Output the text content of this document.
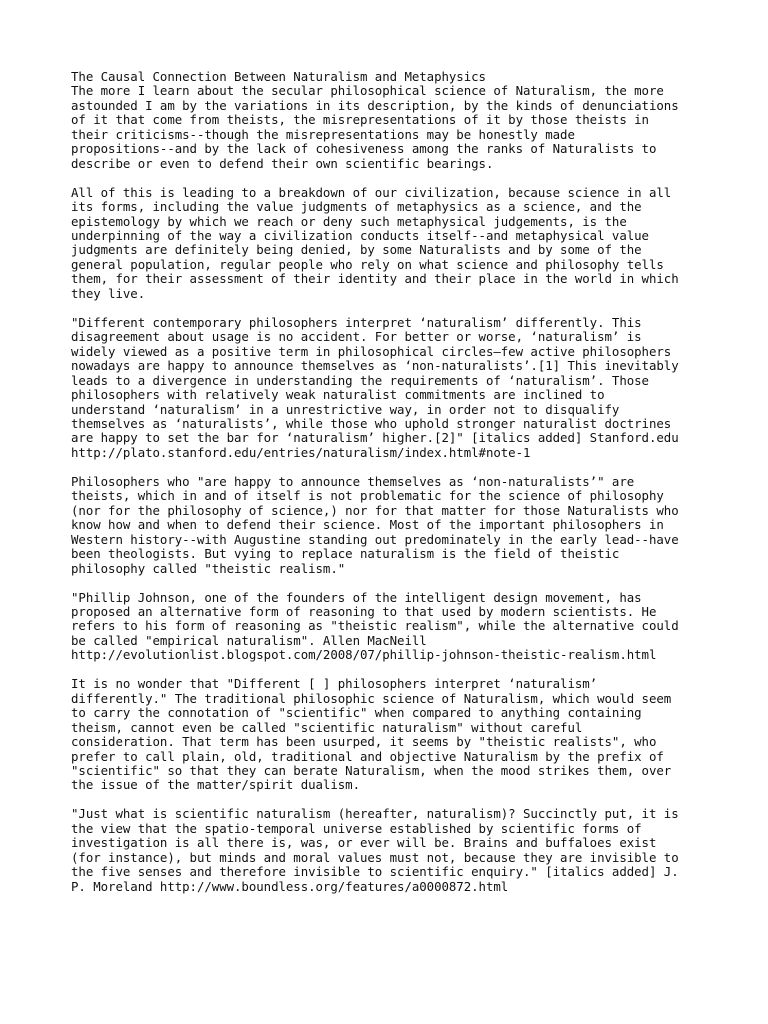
The Causal Connection Between Naturalism and Metaphysics
The more I learn about the secular philosophical science of Naturalism, the more
astounded I am by the variations in its description, by the kinds of denunciations
of it that come from theists, the misrepresentations of it by those theists in
their criticisms--though the misrepresentations may be honestly made
propositions--and by the lack of cohesiveness among the ranks of Naturalists to
describe or even to defend their own scientific bearings.
All of this is leading to a breakdown of our civilization, because science in all
its forms, including the value judgments of metaphysics as a science, and the
epistemology by which we reach or deny such metaphysical judgements, is the
underpinning of the way a civilization conducts itself--and metaphysical value
judgments are definitely being denied, by some Naturalists and by some of the
general population, regular people who rely on what science and philosophy tells
them, for their assessment of their identity and their place in the world in which
they live.
"Different contemporary philosophers interpret ‘naturalism’ differently. This
disagreement about usage is no accident. For better or worse, ‘naturalism’ is
widely viewed as a positive term in philosophical circles—few active philosophers
nowadays are happy to announce themselves as ‘non-naturalists’.[1] This inevitably
leads to a divergence in understanding the requirements of ‘naturalism’. Those
philosophers with relatively weak naturalist commitments are inclined to
understand ‘naturalism’ in a unrestrictive way, in order not to disqualify
themselves as ‘naturalists’, while those who uphold stronger naturalist doctrines
are happy to set the bar for ‘naturalism’ higher.[2]" [italics added] Stanford.edu
http://plato.stanford.edu/entries/naturalism/index.html#note-1
Philosophers who "are happy to announce themselves as ‘non-naturalists’" are
theists, which in and of itself is not problematic for the science of philosophy
(nor for the philosophy of science,) nor for that matter for those Naturalists who
know how and when to defend their science. Most of the important philosophers in
Western history--with Augustine standing out predominately in the early lead--have
been theologists. But vying to replace naturalism is the field of theistic
philosophy called "theistic realism."
"Phillip Johnson, one of the founders of the intelligent design movement, has
proposed an alternative form of reasoning to that used by modern scientists. He
refers to his form of reasoning as "theistic realism", while the alternative could
be called "empirical naturalism". Allen MacNeill
http://evolutionlist.blogspot.com/2008/07/phillip-johnson-theistic-realism.html
It is no wonder that "Different [ ] philosophers interpret ‘naturalism’
differently." The traditional philosophic science of Naturalism, which would seem
to carry the connotation of "scientific" when compared to anything containing
theism, cannot even be called "scientific naturalism" without careful
consideration. That term has been usurped, it seems by "theistic realists", who
prefer to call plain, old, traditional and objective Naturalism by the prefix of
"scientific" so that they can berate Naturalism, when the mood strikes them, over
the issue of the matter/spirit dualism.
"Just what is scientific naturalism (hereafter, naturalism)? Succinctly put, it is
the view that the spatio-temporal universe established by scientific forms of
investigation is all there is, was, or ever will be. Brains and buffaloes exist
(for instance), but minds and moral values must not, because they are invisible to
the five senses and therefore invisible to scientific enquiry." [italics added] J.
P. Moreland http://www.boundless.org/features/a0000872.html
